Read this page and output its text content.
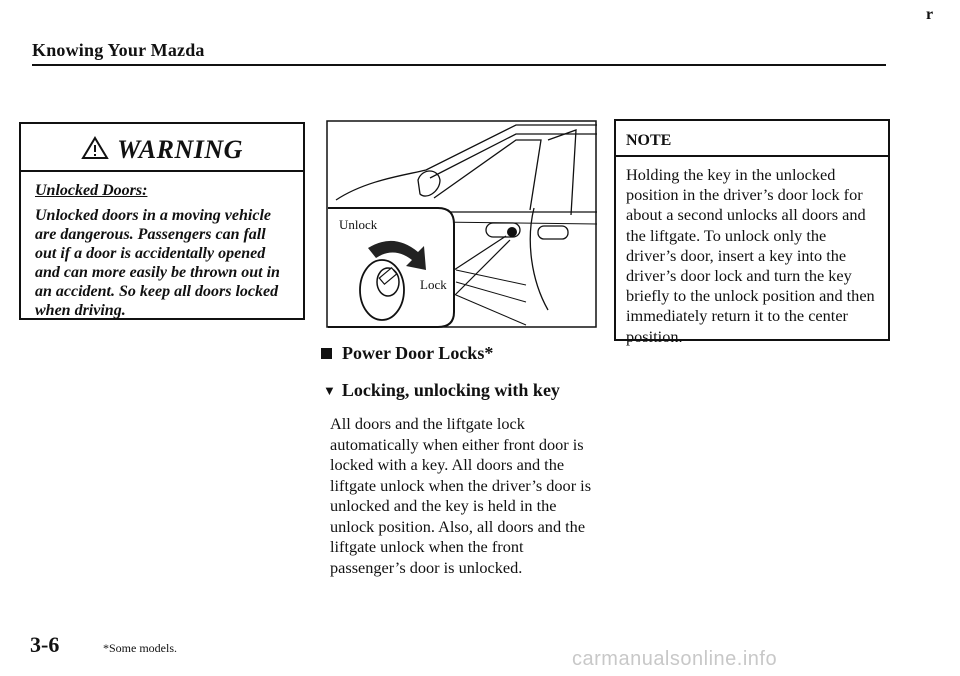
r
Knowing Your Mazda
WARNING
Unlocked Doors:
Unlocked doors in a moving vehicle are dangerous. Passengers can fall out if a door is accidentally opened and can more easily be thrown out in an accident. So keep all doors locked when driving.
Unlock
Lock
Power Door Locks*
▼ Locking, unlocking with key
All doors and the liftgate lock automatically when either front door is locked with a key. All doors and the liftgate unlock when the driver’s door is unlocked and the key is held in the unlock position. Also, all doors and the liftgate unlock when the front passenger’s door is unlocked.
NOTE
Holding the key in the unlocked position in the driver’s door lock for about a second unlocks all doors and the liftgate. To unlock only the driver’s door, insert a key into the driver’s door lock and turn the key briefly to the unlock position and then immediately return it to the center position.
3-6	*Some models.	carmanualsonline.info
